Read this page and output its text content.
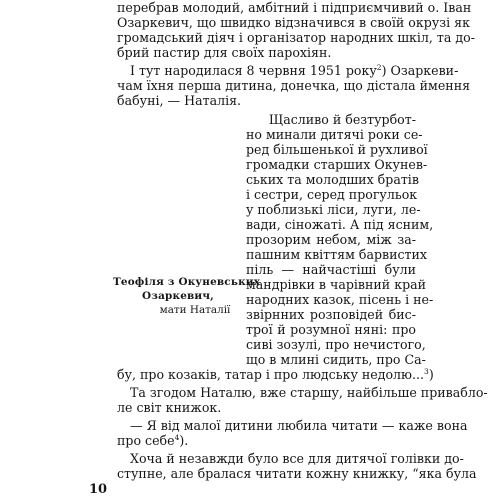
перебрав молодий, амбітний і підприємчивий о. Іван
Озаркевич, що швидко відзначився в своїй окрузі як
громадський діяч і організатор народних шкіл, та до-
брий пастир для своїх парохіян.
І тут народилася 8 червня 1951 року$^2$) Озаркеви-
чам їхня перша дитина, донечка, що дістала ймення
бабуні, — Наталія.
Щасливо й безтурбот-
но минали дитячі роки се-
ред більшенької й рухливої
громадки старших Окунев-
ських та молодших братів
і сестри, серед прогульок
у поблизькі ліси, луги, ле-
вади, сіножаті. А під ясним,
прозорим небом, між за-
пашним квіттям барвистих
піль — найчастіші були
мандрівки в чарівний край
народних казок, пісень і не-
звірнних розповідей бис-
трої й розумної няні: про
сиві зозулі, про нечистого,
що в млині сидить, про Са-
Теофіля з Окуневських
Озаркевич,
мати Наталії
бу, про козаків, татар і про людську недолю...$^3$)
Та згодом Наталю, вже старшу, найбільше привабло-
ле світ книжок.
— Я від малої дитини любила читати — каже вона
про себе$^4$).
Хоча й незавжди було все для дитячої голівки до-
ступне, але бралася читати кожну книжку, “яка була
10
